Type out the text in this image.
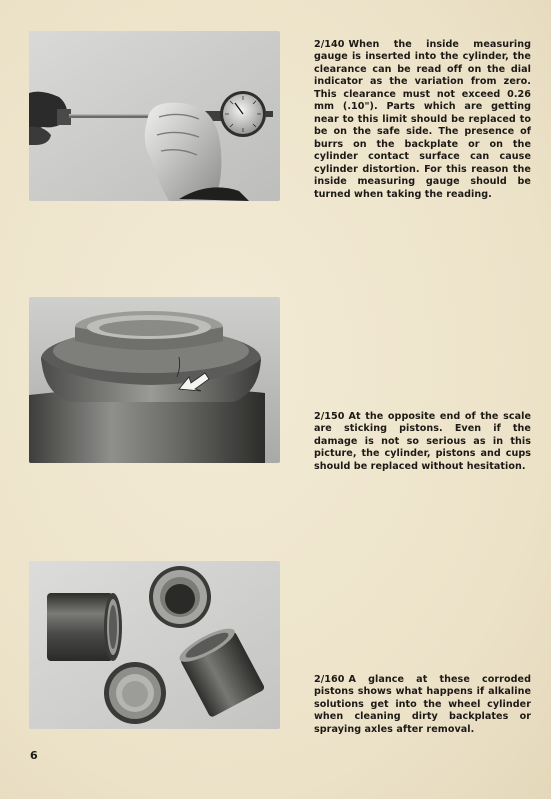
2/140 When the inside measuring gauge is inserted into the cylinder, the clearance can be read off on the dial indicator as the variation from zero. This clearance must not exceed 0.26 mm (.10"). Parts which are getting near to this limit should be replaced to be on the safe side. The presence of burrs on the backplate or on the cylinder contact surface can cause cylinder distortion. For this reason the inside measuring gauge should be turned when taking the reading.

2/150 At the opposite end of the scale are sticking pistons. Even if the damage is not so serious as in this picture, the cylinder, pistons and cups should be replaced without hesitation.

2/160 A glance at these corroded pistons shows what happens if alkaline solutions get into the wheel cylinder when cleaning dirty backplates or spraying axles after removal.

6
